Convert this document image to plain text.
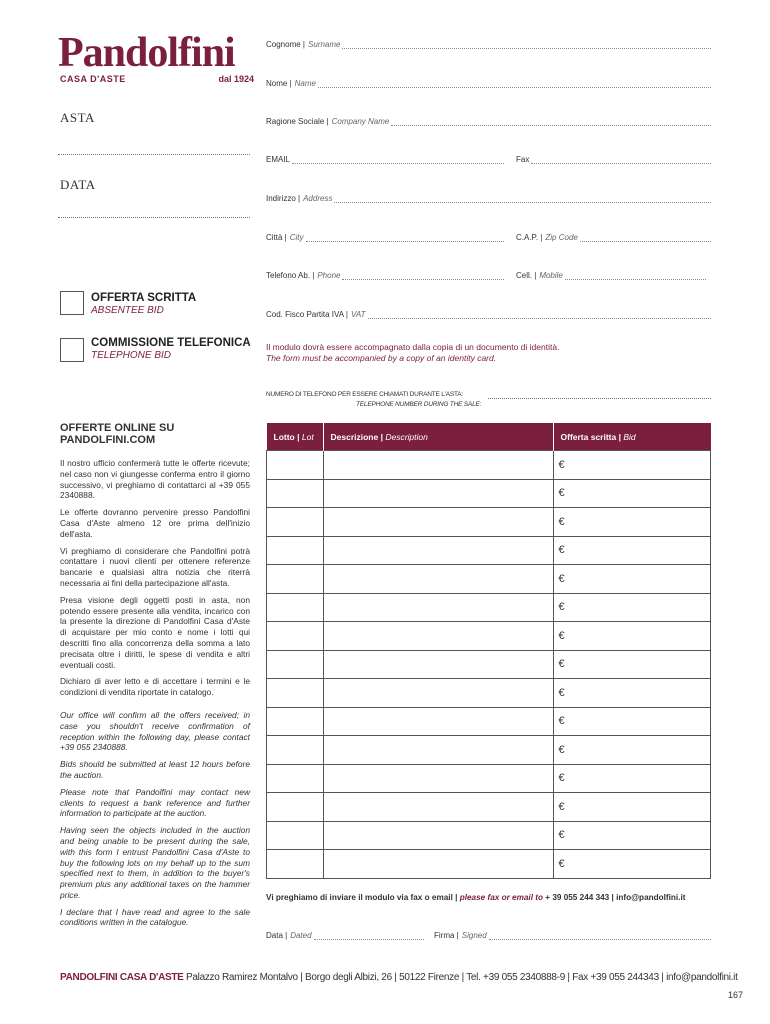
Pandolfini
CASA D'ASTE	dal 1924
ASTA
DATA
OFFERTA SCRITTA
ABSENTEE BID
COMMISSIONE TELEFONICA
TELEPHONE BID
Cognome | Surname
Nome | Name
Ragione Sociale | Company Name
EMAIL	Fax
Indirizzo | Address
Città | City	C.A.P. | Zip Code
Telefono Ab. | Phone	Cell. | Mobile
Cod. Fisco Partita IVA | VAT
Il modulo dovrà essere accompagnato dalla copia di un documento di identità.
The form must be accompanied by a copy of an identity card.
NUMERO DI TELEFONO PER ESSERE CHIAMATI DURANTE L'ASTA:
TELEPHONE NUMBER DURING THE SALE:
OFFERTE ONLINE SU PANDOLFINI.COM

Il nostro ufficio confermerà tutte le offerte ricevute; nel caso non vi giungesse conferma entro il giorno successivo, vi preghiamo di contattarci al +39 055 2340888.

Le offerte dovranno pervenire presso Pandolfini Casa d'Aste almeno 12 ore prima dell'inizio dell'asta.

Vi preghiamo di considerare che Pandolfini potrà contattare i nuovi clienti per ottenere referenze bancarie e qualsiasi altra notizia che riterrà necessaria ai fini della partecipazione all'asta.

Presa visione degli oggetti posti in asta, non potendo essere presente alla vendita, incarico con la presente la direzione di Pandolfini Casa d'Aste di acquistare per mio conto e nome i lotti qui descritti fino alla concorrenza della somma a lato precisata oltre i diritti, le spese di vendita e altri eventuali costi.

Dichiaro di aver letto e di accettare i termini e le condizioni di vendita riportate in catalogo.

Our office will confirm all the offers received; in case you shouldn't receive confirmation of reception within the following day, please contact +39 055 2340888.

Bids should be submitted at least 12 hours before the auction.

Please note that Pandolfini may contact new clients to request a bank reference and further information to participate at the auction.

Having seen the objects included in the auction and being unable to be present during the sale, with this form I entrust Pandolfini Casa d'Aste to buy the following lots on my behalf up to the sum specified next to them, in addition to the buyer's premium plus any additional taxes on the hammer price.

I declare that I have read and agree to the sale conditions written in the catalogue.

Lotto | Lot	Descrizione | Description	Offerta scritta | Bid
		€
		€
		€
		€
		€
		€
		€
		€
		€
		€
		€
		€
		€
		€
		€
Vi preghiamo di inviare il modulo via fax o email | please fax or email to + 39 055 244 343 | info@pandolfini.it
Data | Dated	Firma | Signed
PANDOLFINI CASA D'ASTE Palazzo Ramirez Montalvo | Borgo degli Albizi, 26 | 50122 Firenze | Tel. +39 055 2340888-9 | Fax +39 055 244343 | info@pandolfini.it
167
